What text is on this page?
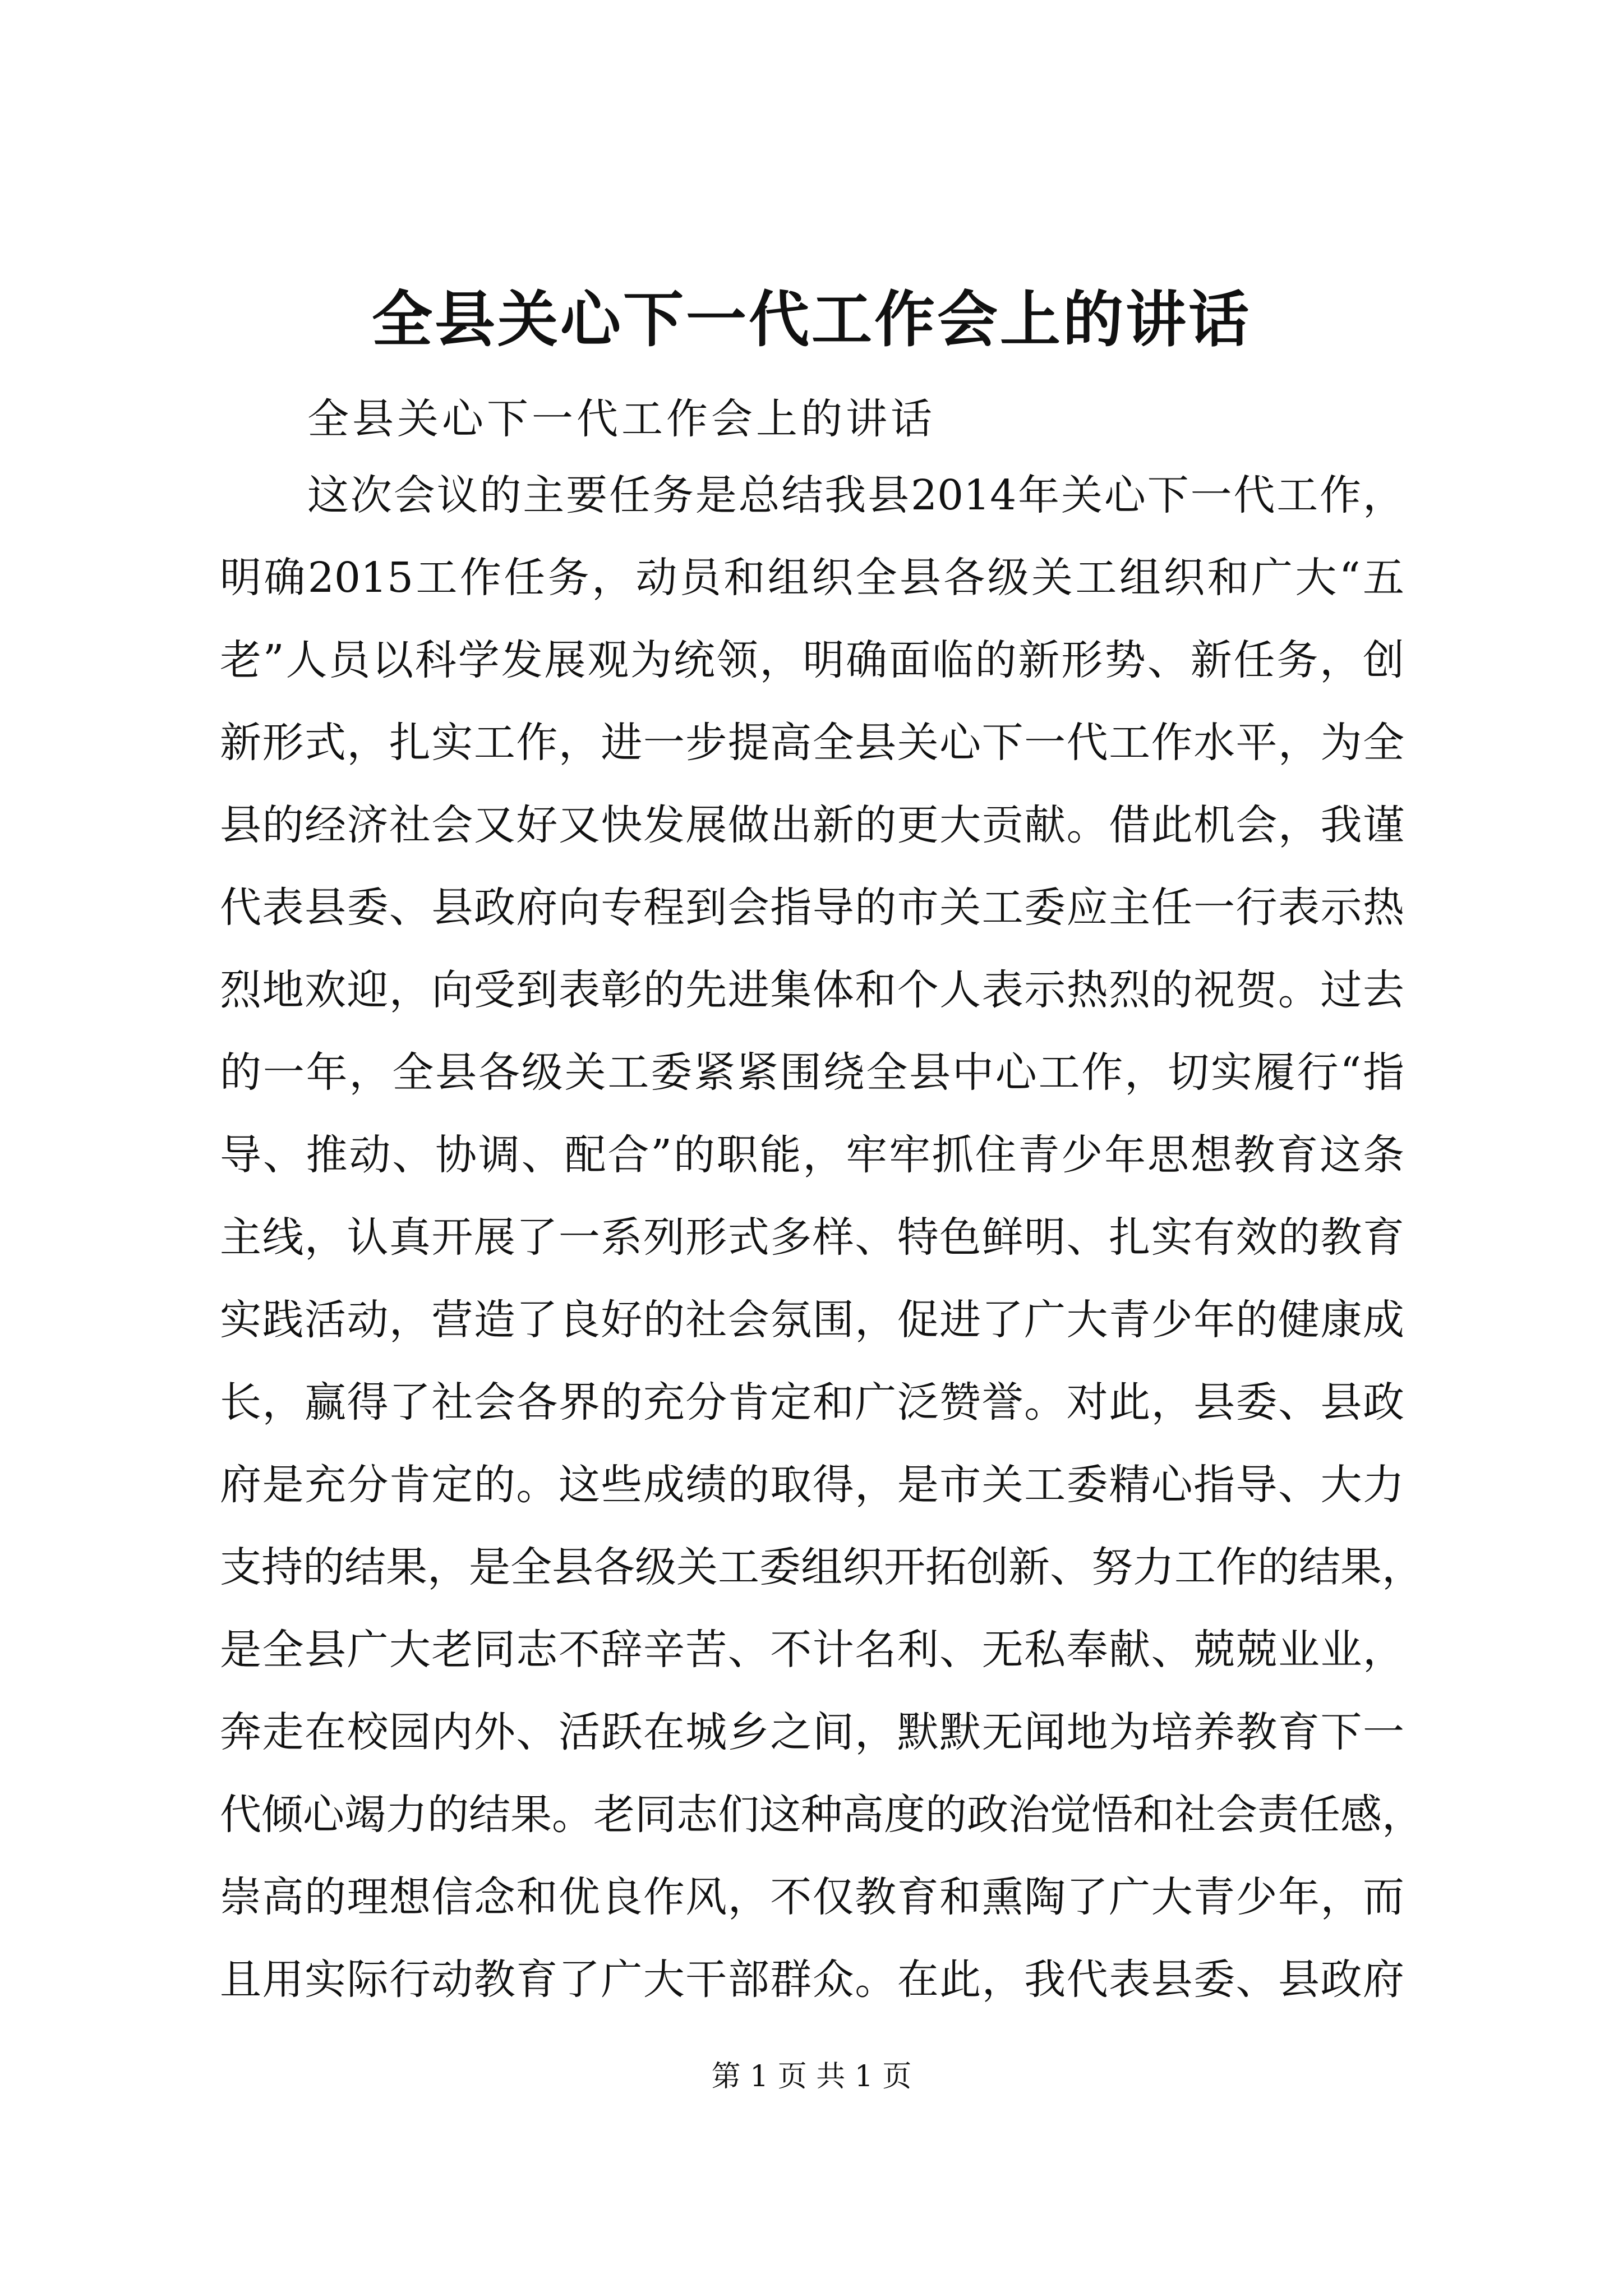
全县关心下一代工作会上的讲话
全县关心下一代工作会上的讲话
这次会议的主要任务是总结我县2014年关心下一代工作，
明确2015工作任务，动员和组织全县各级关工组织和广大“五
老”人员以科学发展观为统领，明确面临的新形势、新任务，创
新形式，扎实工作，进一步提高全县关心下一代工作水平，为全
县的经济社会又好又快发展做出新的更大贡献。借此机会，我谨
代表县委、县政府向专程到会指导的市关工委应主任一行表示热
烈地欢迎，向受到表彰的先进集体和个人表示热烈的祝贺。过去
的一年，全县各级关工委紧紧围绕全县中心工作，切实履行“指
导、推动、协调、配合”的职能，牢牢抓住青少年思想教育这条
主线，认真开展了一系列形式多样、特色鲜明、扎实有效的教育
实践活动，营造了良好的社会氛围，促进了广大青少年的健康成
长，赢得了社会各界的充分肯定和广泛赞誉。对此，县委、县政
府是充分肯定的。这些成绩的取得，是市关工委精心指导、大力
支持的结果，是全县各级关工委组织开拓创新、努力工作的结果，
是全县广大老同志不辞辛苦、不计名利、无私奉献、兢兢业业，
奔走在校园内外、活跃在城乡之间，默默无闻地为培养教育下一
代倾心竭力的结果。老同志们这种高度的政治觉悟和社会责任感，
崇高的理想信念和优良作风，不仅教育和熏陶了广大青少年，而
且用实际行动教育了广大干部群众。在此，我代表县委、县政府
第 1 页 共 1 页
